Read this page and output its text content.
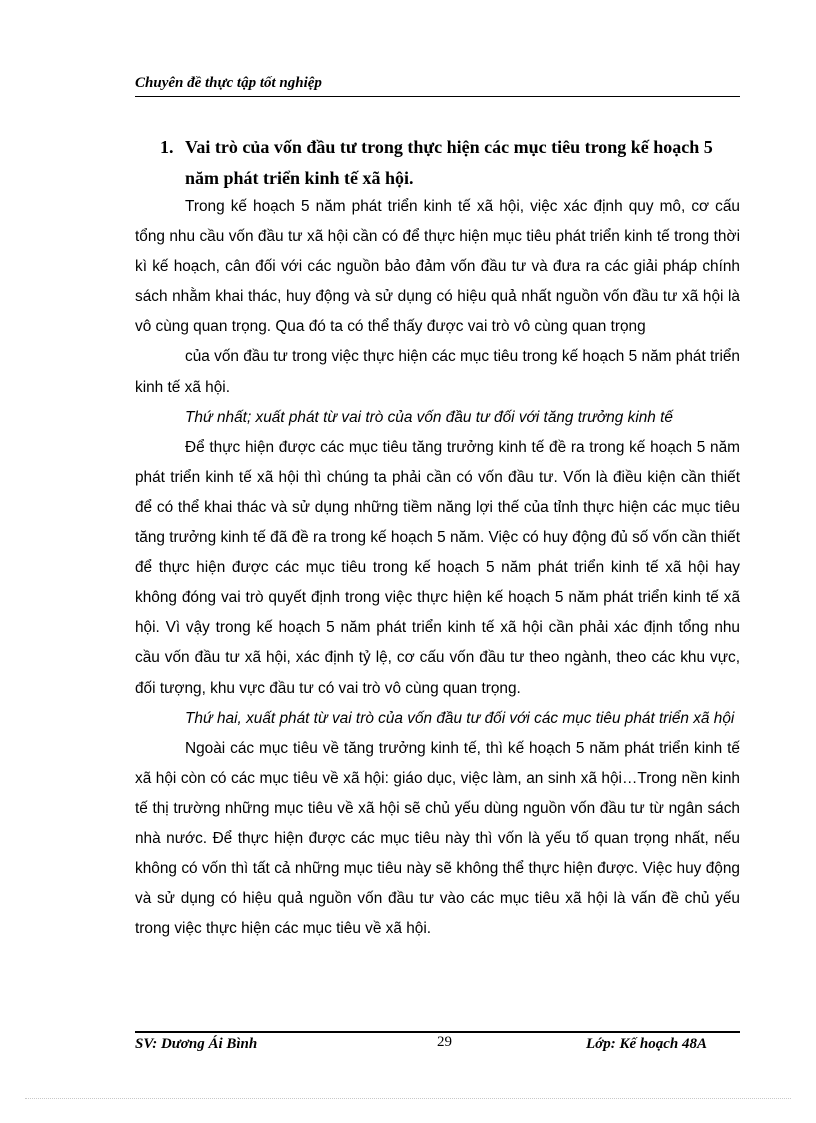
Chuyên đề thực tập tốt nghiệp
1. Vai trò của vốn đầu tư trong thực hiện các mục tiêu trong kế hoạch 5 năm phát triển kinh tế xã hội.

Trong kế hoạch 5 năm phát triển kinh tế xã hội, việc xác định quy mô, cơ cấu tổng nhu cầu vốn đầu tư xã hội cần có để thực hiện mục tiêu phát triển kinh tế trong thời kì kế hoạch, cân đối với các nguồn bảo đảm vốn đầu tư và đưa ra các giải pháp chính sách nhằm khai thác, huy động và sử dụng có hiệu quả nhất nguồn vốn đầu tư xã hội là vô cùng quan trọng. Qua đó ta có thể thấy được vai trò vô cùng quan trọng

của vốn đầu tư trong việc thực hiện các mục tiêu trong kế hoạch 5 năm phát triển kinh tế xã hội.

Thứ nhất; xuất phát từ vai trò của vốn đầu tư đối với tăng trưởng kinh tế

Để thực hiện được các mục tiêu tăng trưởng kinh tế đề ra trong kế hoạch 5 năm phát triển kinh tế xã hội thì chúng ta phải cần có vốn đầu tư. Vốn là điều kiện cần thiết để có thể khai thác và sử dụng những tiềm năng lợi thế của tỉnh thực hiện các mục tiêu tăng trưởng kinh tế đã đề ra trong kế hoạch 5 năm. Việc có huy động đủ số vốn cần thiết để thực hiện được các mục tiêu trong kế hoạch 5 năm phát triển kinh tế xã hội hay không đóng vai trò quyết định trong việc thực hiện kế hoạch 5 năm phát triển kinh tế xã hội. Vì vậy trong kế hoạch 5 năm phát triển kinh tế xã hội cần phải xác định tổng nhu cầu vốn đầu tư xã hội, xác định tỷ lệ, cơ cấu vốn đầu tư theo ngành, theo các khu vực, đối tượng, khu vực đầu tư có vai trò vô cùng quan trọng.

Thứ hai, xuất phát từ vai trò của vốn đầu tư đối với các mục tiêu phát triển xã hội

Ngoài các mục tiêu về tăng trưởng kinh tế, thì kế hoạch 5 năm phát triển kinh tế xã hội còn có các mục tiêu về xã hội: giáo dục, việc làm, an sinh xã hội…Trong nền kinh tế thị trường những mục tiêu về xã hội sẽ chủ yếu dùng nguồn vốn đầu tư từ ngân sách nhà nước. Để thực hiện được các mục tiêu này thì vốn là yếu tố quan trọng nhất, nếu không có vốn thì tất cả những mục tiêu này sẽ không thể thực hiện được. Việc huy động và sử dụng có hiệu quả nguồn vốn đầu tư vào các mục tiêu xã hội là vấn đề chủ yếu trong việc thực hiện các mục tiêu về xã hội.

SV: Dương Ái Bình	29	Lớp: Kế hoạch 48A
